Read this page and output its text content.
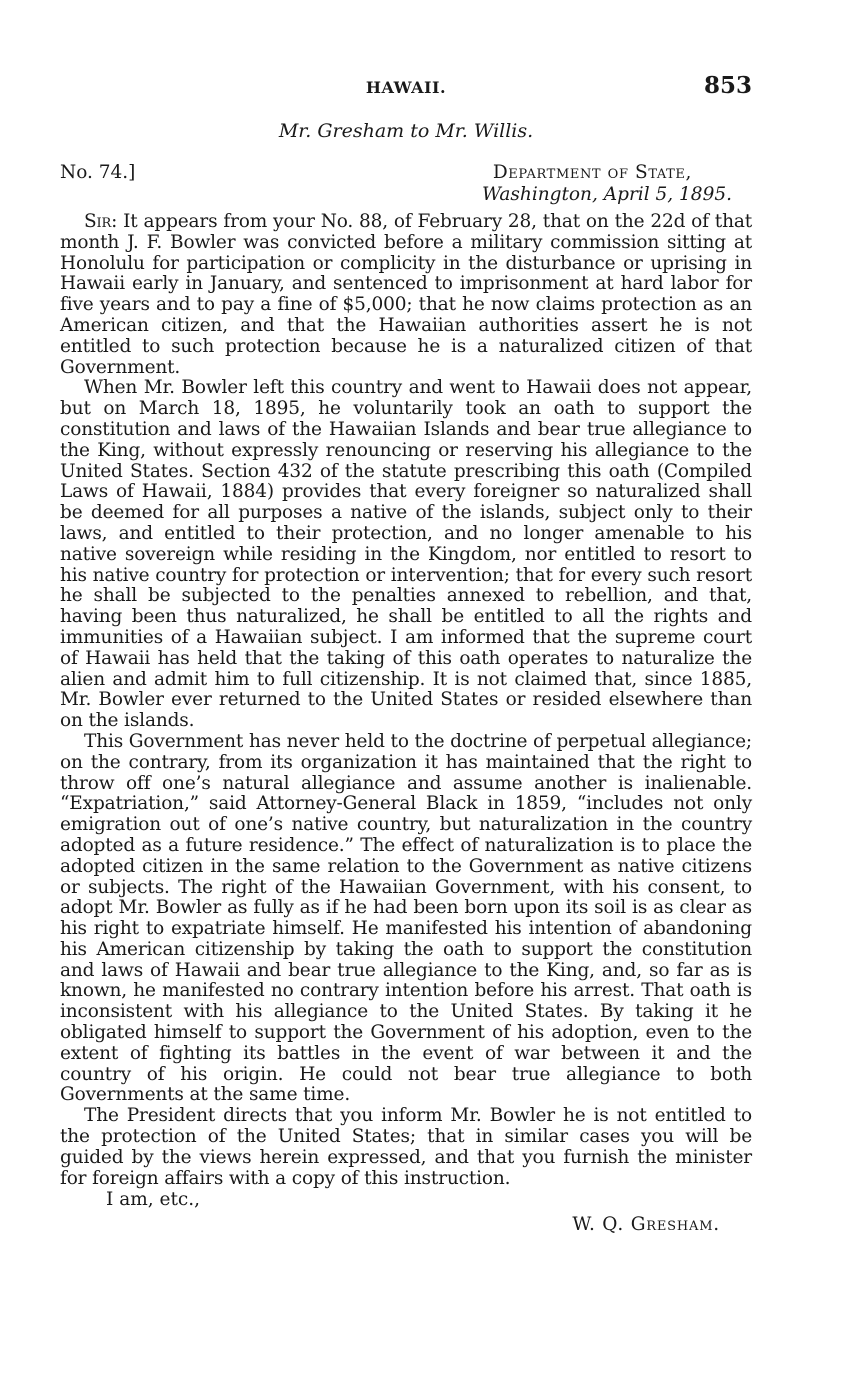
HAWAII.	853
Mr. Gresham to Mr. Willis.
No. 74.]	Department of State,
Washington, April 5, 1895.

Sir: It appears from your No. 88, of February 28, that on the 22d of that month J. F. Bowler was convicted before a military commission sitting at Honolulu for participation or complicity in the disturbance or uprising in Hawaii early in January, and sentenced to imprisonment at hard labor for five years and to pay a fine of $5,000; that he now claims protection as an American citizen, and that the Hawaiian authorities assert he is not entitled to such protection because he is a naturalized citizen of that Government.

When Mr. Bowler left this country and went to Hawaii does not appear, but on March 18, 1895, he voluntarily took an oath to support the constitution and laws of the Hawaiian Islands and bear true allegiance to the King, without expressly renouncing or reserving his allegiance to the United States. Section 432 of the statute prescribing this oath (Compiled Laws of Hawaii, 1884) provides that every foreigner so naturalized shall be deemed for all purposes a native of the islands, subject only to their laws, and entitled to their protection, and no longer amenable to his native sovereign while residing in the Kingdom, nor entitled to resort to his native country for protection or intervention; that for every such resort he shall be subjected to the penalties annexed to rebellion, and that, having been thus naturalized, he shall be entitled to all the rights and immunities of a Hawaiian subject. I am informed that the supreme court of Hawaii has held that the taking of this oath operates to naturalize the alien and admit him to full citizenship. It is not claimed that, since 1885, Mr. Bowler ever returned to the United States or resided elsewhere than on the islands.

This Government has never held to the doctrine of perpetual allegiance; on the contrary, from its organization it has maintained that the right to throw off one’s natural allegiance and assume another is inalienable. “Expatriation,” said Attorney-General Black in 1859, “includes not only emigration out of one’s native country, but naturalization in the country adopted as a future residence.” The effect of naturalization is to place the adopted citizen in the same relation to the Government as native citizens or subjects. The right of the Hawaiian Government, with his consent, to adopt Mr. Bowler as fully as if he had been born upon its soil is as clear as his right to expatriate himself. He manifested his intention of abandoning his American citizenship by taking the oath to support the constitution and laws of Hawaii and bear true allegiance to the King, and, so far as is known, he manifested no contrary intention before his arrest. That oath is inconsistent with his allegiance to the United States. By taking it he obligated himself to support the Government of his adoption, even to the extent of fighting its battles in the event of war between it and the country of his origin. He could not bear true allegiance to both Governments at the same time.

The President directs that you inform Mr. Bowler he is not entitled to the protection of the United States; that in similar cases you will be guided by the views herein expressed, and that you furnish the minister for foreign affairs with a copy of this instruction.

I am, etc.,

W. Q. Gresham.
